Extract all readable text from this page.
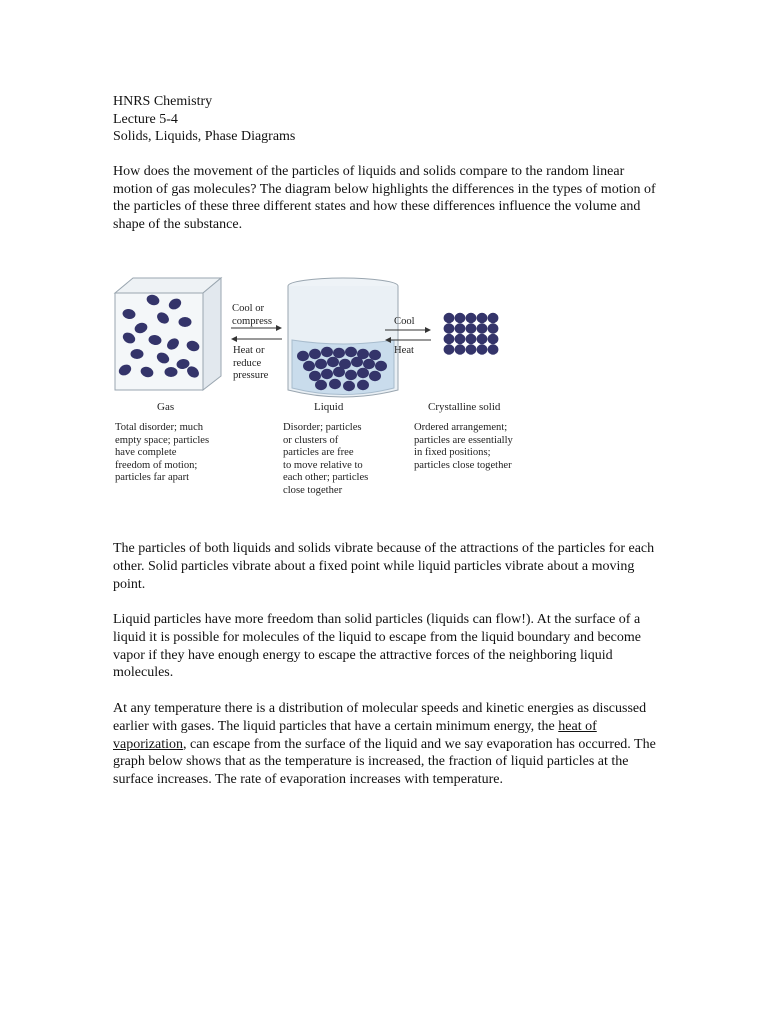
HNRS Chemistry
Lecture 5-4
Solids, Liquids, Phase Diagrams

How does the movement of the particles of liquids and solids compare to the random linear motion of gas molecules? The diagram below highlights the differences in the types of motion of the particles of these three different states and how these differences influence the volume and shape of the substance.

Cool or
compress
Heat or
reduce
pressure
Cool
Heat
Gas	Liquid	Crystalline solid
Total disorder; much
empty space; particles
have complete
freedom of motion;
particles far apart
Disorder; particles
or clusters of
particles are free
to move relative to
each other; particles
close together
Ordered arrangement;
particles are essentially
in fixed positions;
particles close together

The particles of both liquids and solids vibrate because of the attractions of the particles for each other. Solid particles vibrate about a fixed point while liquid particles vibrate about a moving point.

Liquid particles have more freedom than solid particles (liquids can flow!). At the surface of a liquid it is possible for molecules of the liquid to escape from the liquid boundary and become vapor if they have enough energy to escape the attractive forces of the neighboring liquid molecules.

At any temperature there is a distribution of molecular speeds and kinetic energies as discussed earlier with gases. The liquid particles that have a certain minimum energy, the heat of vaporization, can escape from the surface of the liquid and we say evaporation has occurred. The graph below shows that as the temperature is increased, the fraction of liquid particles at the surface increases. The rate of evaporation increases with temperature.
